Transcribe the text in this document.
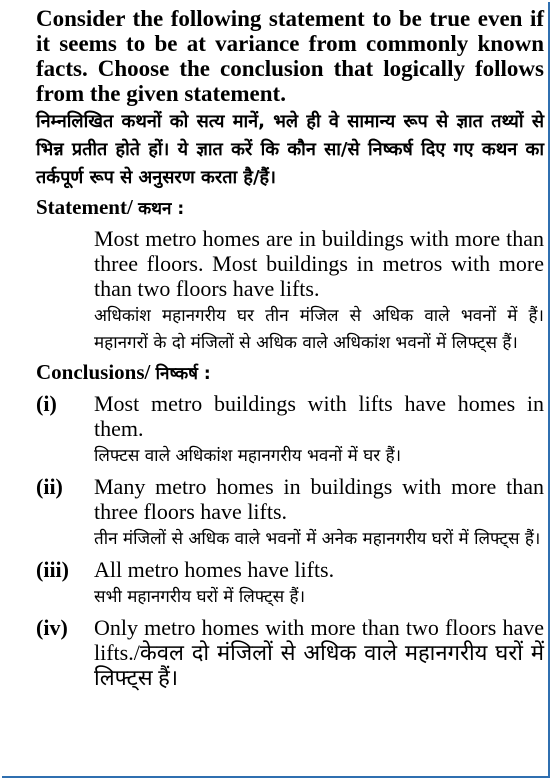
Consider the following statement to be true even if it seems to be at variance from commonly known facts. Choose the conclusion that logically follows from the given statement.

निम्नलिखित कथनों को सत्य मानें, भले ही वे सामान्य रूप से ज्ञात तथ्यों से भिन्न प्रतीत होते हों। ये ज्ञात करें कि कौन सा/से निष्कर्ष दिए गए कथन का तर्कपूर्ण रूप से अनुसरण करता है/हैं।

Statement/ कथन :

Most metro homes are in buildings with more than three floors. Most buildings in metros with more than two floors have lifts.

अधिकांश महानगरीय घर तीन मंजिल से अधिक वाले भवनों में हैं। महानगरों के दो मंजिलों से अधिक वाले अधिकांश भवनों में लिफ्ट्स हैं।

Conclusions/ निष्कर्ष :
(i)	Most metro buildings with lifts have homes in them.

लिफ्टस वाले अधिकांश महानगरीय भवनों में घर हैं।

(ii)	Many metro homes in buildings with more than three floors have lifts.

तीन मंजिलों से अधिक वाले भवनों में अनेक महानगरीय घरों में लिफ्ट्स हैं।

(iii)	All metro homes have lifts.

सभी महानगरीय घरों में लिफ्ट्स हैं।

(iv)	Only metro homes with more than two floors have lifts./केवल दो मंजिलों से अधिक वाले महानगरीय घरों में लिफ्ट्स हैं।
